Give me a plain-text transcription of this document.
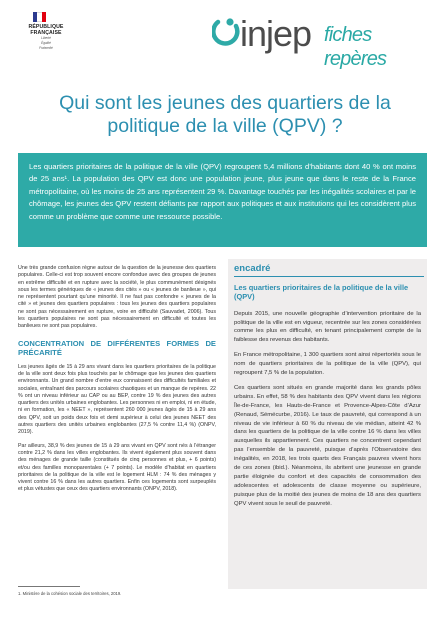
RÉPUBLIQUE FRANÇAISE
Liberté
Égalité
Fraternité	injep fiches repères
Qui sont les jeunes des quartiers de la politique de la ville (QPV) ?

Les quartiers prioritaires de la politique de la ville (QPV) regroupent 5,4 millions d’habitants dont 40 % ont moins de 25 ans¹. La population des QPV est donc une population jeune, plus jeune que dans le reste de la France métropolitaine, où les moins de 25 ans représentent 29 %. Davantage touchés par les inégalités scolaires et par le chômage, les jeunes des QPV restent défiants par rapport aux politiques et aux institutions qui les considèrent plus comme un problème que comme une ressource possible.

Une très grande confusion règne autour de la question de la jeunesse des quartiers populaires. Celle-ci est trop souvent encore confondue avec des groupes de jeunes en extrême difficulté et en rupture avec la société, le plus communément désignés sous les termes génériques de « jeunes des cités » ou « jeunes de banlieue », qui ne représentent pourtant qu’une minorité. Il ne faut pas confondre « jeunes de la cité » et jeunes des quartiers populaires : tous les jeunes des quartiers populaires ne sont pas nécessairement en rupture, voire en difficulté (Sauvadet, 2006). Tous les quartiers populaires ne sont pas nécessairement en difficulté et toutes les banlieues ne sont pas populaires.

CONCENTRATION DE DIFFÉRENTES FORMES DE PRÉCARITÉ

Les jeunes âgés de 15 à 29 ans vivant dans les quartiers prioritaires de la politique de la ville sont deux fois plus touchés par le chômage que les jeunes des quartiers environnants. Un grand nombre d’entre eux connaissent des difficultés familiales et sociales, entraînant des parcours scolaires chaotiques et un manque de repères. 22 % ont un niveau inférieur au CAP ou au BEP, contre 19 % des jeunes des autres quartiers des unités urbaines englobantes. Les personnes ni en emploi, ni en étude, ni en formation, les « NEET », représentent 260 000 jeunes âgés de 15 à 29 ans des QPV, soit un poids deux fois et demi supérieur à celui des jeunes NEET des autres quartiers des unités urbaines englobantes (27,5 % contre 11,4 %) (ONPV, 2019).

Par ailleurs, 38,9 % des jeunes de 15 à 29 ans vivant en QPV sont nés à l’étranger contre 21,2 % dans les villes englobantes. Ils vivent également plus souvent dans des ménages de grande taille (constitués de cinq personnes et plus, + 6 points) et/ou des familles monoparentales (+ 7 points). Le modèle d’habitat en quartiers prioritaires de la politique de la ville est le logement HLM : 74 % des ménages y vivent contre 16 % dans les autres quartiers. Enfin ces logements sont surpeuplés et plus vétustes que ceux des quartiers environnants (ONPV, 2018).

1. Ministère de la cohésion sociale des territoires, 2019.
encadré
Les quartiers prioritaires de la politique de la ville (QPV)

Depuis 2015, une nouvelle géographie d’intervention prioritaire de la politique de la ville est en vigueur, recentrée sur les zones considérées comme les plus en difficulté, en tenant principalement compte de la faiblesse des revenus des habitants.

En France métropolitaine, 1 300 quartiers sont ainsi répertoriés sous le nom de quartiers prioritaires de la politique de la ville (QPV), qui regroupent 7,5 % de la population.

Ces quartiers sont situés en grande majorité dans les grands pôles urbains. En effet, 58 % des habitants des QPV vivent dans les régions Île-de-France, les Hauts-de-France et Provence-Alpes-Côte d’Azur (Renaud, Sémécurbe, 2016). Le taux de pauvreté, qui correspond à un niveau de vie inférieur à 60 % du niveau de vie médian, atteint 42 % dans les quartiers de la politique de la ville contre 16 % dans les villes auxquelles ils appartiennent. Ces quartiers ne concentrent cependant pas l’ensemble de la pauvreté, puisque d’après l’Observatoire des inégalités, en 2018, les trois quarts des Français pauvres vivent hors de ces zones (ibid.). Néanmoins, ils abritent une jeunesse en grande partie éloignée du confort et des capacités de consommation des adolescentes et adolescents de classe moyenne ou supérieure, puisque plus de la moitié des jeunes de moins de 18 ans des quartiers QPV vivent sous le seuil de pauvreté.
